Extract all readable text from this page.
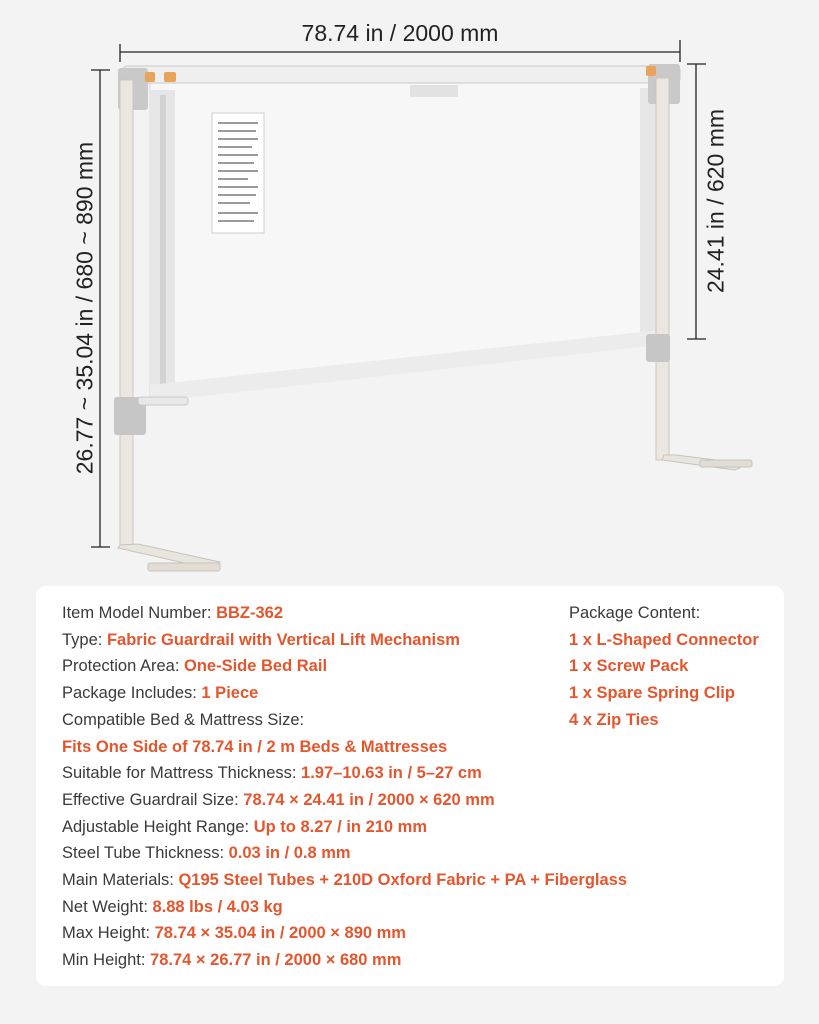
78.74 in / 2000 mm
26.77 ~ 35.04 in / 680 ~ 890 mm	24.41 in / 620 mm
Item Model Number: BBZ-362
Type: Fabric Guardrail with Vertical Lift Mechanism
Protection Area: One-Side Bed Rail
Package Includes: 1 Piece
Compatible Bed & Mattress Size:
Fits One Side of 78.74 in / 2 m Beds & Mattresses
Suitable for Mattress Thickness: 1.97–10.63 in / 5–27 cm
Effective Guardrail Size: 78.74 × 24.41 in / 2000 × 620 mm
Adjustable Height Range: Up to 8.27 / in 210 mm
Steel Tube Thickness: 0.03 in / 0.8 mm
Main Materials: Q195 Steel Tubes + 210D Oxford Fabric + PA + Fiberglass
Net Weight: 8.88 lbs / 4.03 kg
Max Height: 78.74 × 35.04 in / 2000 × 890 mm
Min Height: 78.74 × 26.77 in / 2000 × 680 mm
Package Content:
1 x L-Shaped Connector
1 x Screw Pack
1 x Spare Spring Clip
4 x Zip Ties
